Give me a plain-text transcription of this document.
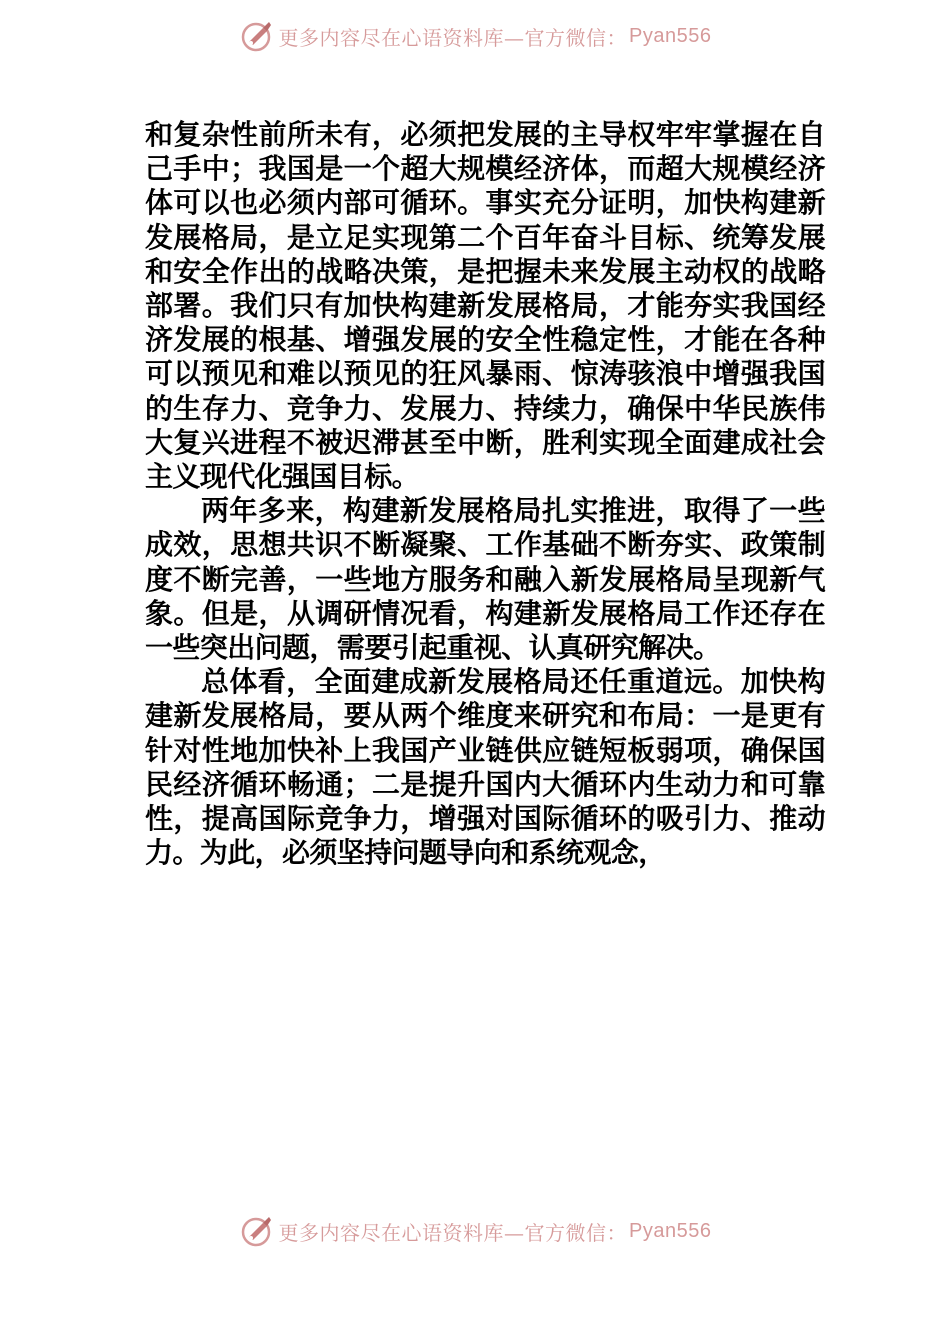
更多内容尽在心语资料库—官方微信： Pyan556

和复杂性前所未有，必须把发展的主导权牢牢掌握在自己手中；我国是一个超大规模经济体，而超大规模经济体可以也必须内部可循环。事实充分证明，加快构建新发展格局，是立足实现第二个百年奋斗目标、统筹发展和安全作出的战略决策，是把握未来发展主动权的战略部署。我们只有加快构建新发展格局，才能夯实我国经济发展的根基、增强发展的安全性稳定性，才能在各种可以预见和难以预见的狂风暴雨、惊涛骇浪中增强我国的生存力、竞争力、发展力、持续力，确保中华民族伟大复兴进程不被迟滞甚至中断，胜利实现全面建成社会主义现代化强国目标。

两年多来，构建新发展格局扎实推进，取得了一些成效，思想共识不断凝聚、工作基础不断夯实、政策制度不断完善，一些地方服务和融入新发展格局呈现新气象。但是，从调研情况看，构建新发展格局工作还存在一些突出问题，需要引起重视、认真研究解决。

总体看，全面建成新发展格局还任重道远。加快构建新发展格局，要从两个维度来研究和布局：一是更有针对性地加快补上我国产业链供应链短板弱项，确保国民经济循环畅通；二是提升国内大循环内生动力和可靠性，提高国际竞争力，增强对国际循环的吸引力、推动力。为此，必须坚持问题导向和系统观念，

更多内容尽在心语资料库—官方微信： Pyan556
